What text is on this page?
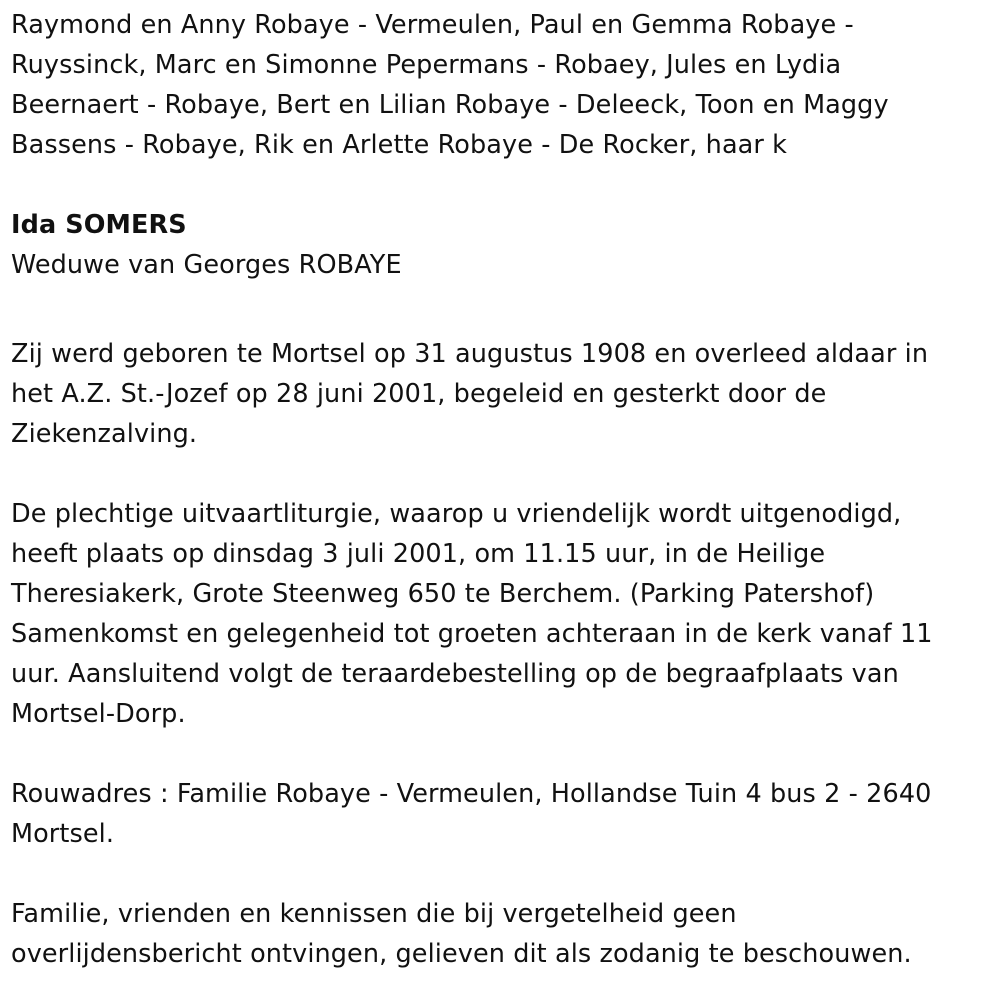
Raymond en Anny Robaye - Vermeulen, Paul en Gemma Robaye -
Ruyssinck, Marc en Simonne Pepermans - Robaey, Jules en Lydia
Beernaert - Robaye, Bert en Lilian Robaye - Deleeck, Toon en Maggy
Bassens - Robaye, Rik en Arlette Robaye - De Rocker, haar k
Ida SOMERS
Weduwe van Georges ROBAYE
Zij werd geboren te Mortsel op 31 augustus 1908 en overleed aldaar in
het A.Z. St.-Jozef op 28 juni 2001, begeleid en gesterkt door de
Ziekenzalving.
De plechtige uitvaartliturgie, waarop u vriendelijk wordt uitgenodigd,
heeft plaats op dinsdag 3 juli 2001, om 11.15 uur, in de Heilige
Theresiakerk, Grote Steenweg 650 te Berchem. (Parking Patershof)
Samenkomst en gelegenheid tot groeten achteraan in de kerk vanaf 11
uur. Aansluitend volgt de teraardebestelling op de begraafplaats van
Mortsel-Dorp.
Rouwadres : Familie Robaye - Vermeulen, Hollandse Tuin 4 bus 2 - 2640
Mortsel.
Familie, vrienden en kennissen die bij vergetelheid geen
overlijdensbericht ontvingen, gelieven dit als zodanig te beschouwen.
